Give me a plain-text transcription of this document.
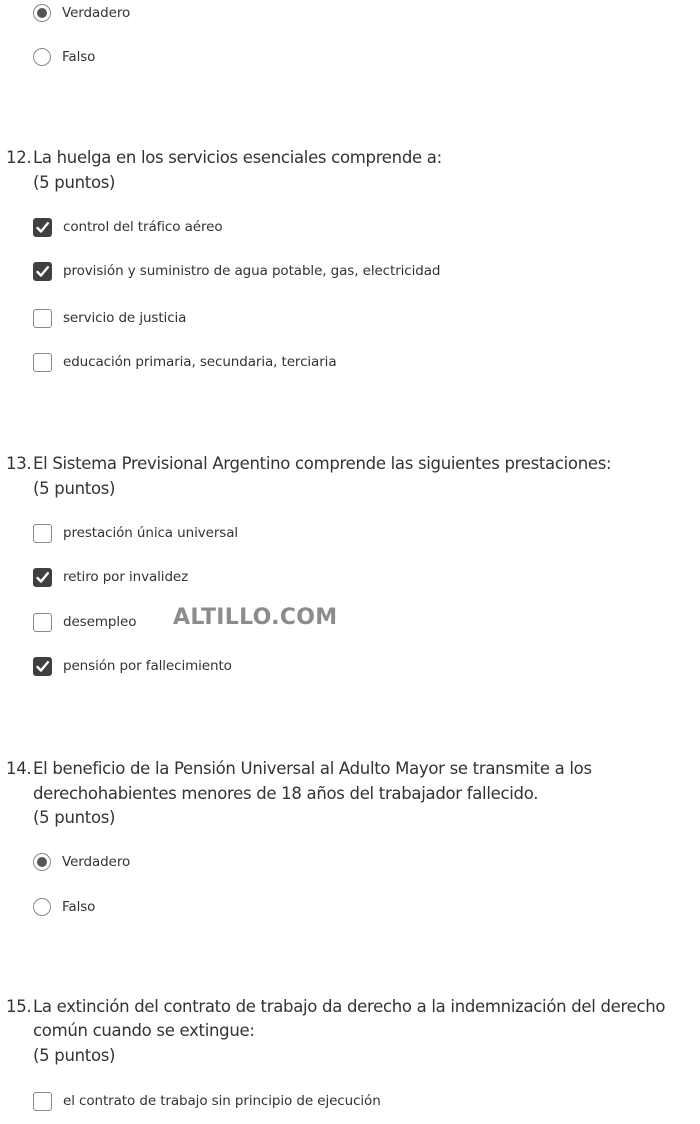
Verdadero
Falso
12. La huelga en los servicios esenciales comprende a:
(5 puntos)
control del tráfico aéreo
provisión y suministro de agua potable, gas, electricidad
servicio de justicia
educación primaria, secundaria, terciaria
13. El Sistema Previsional Argentino comprende las siguientes prestaciones:
(5 puntos)
prestación única universal
retiro por invalidez
desempleo
pensión por fallecimiento
ALTILLO.COM
14. El beneficio de la Pensión Universal al Adulto Mayor se transmite a los
derechohabientes menores de 18 años del trabajador fallecido.
(5 puntos)
Verdadero
Falso
15. La extinción del contrato de trabajo da derecho a la indemnización del derecho
común cuando se extingue:
(5 puntos)
el contrato de trabajo sin principio de ejecución
